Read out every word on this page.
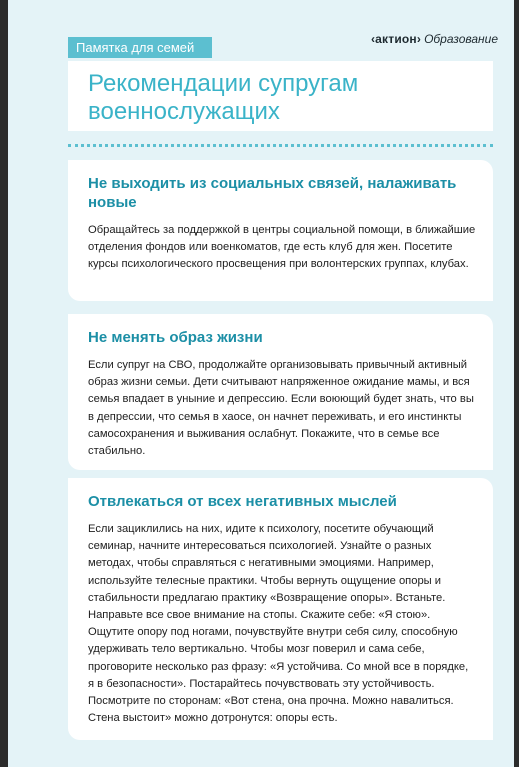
Памятка для семей
‹актион› Образование
Рекомендации супругам военнослужащих
Не выходить из социальных связей, налаживать новые

Обращайтесь за поддержкой в центры социальной помощи, в ближайшие отделения фондов или военкоматов, где есть клуб для жен. Посетите курсы психологического просвещения при волонтерских группах, клубах.

Не менять образ жизни

Если супруг на СВО, продолжайте организовывать привычный активный образ жизни семьи. Дети считывают напряженное ожидание мамы, и вся семья впадает в уныние и депрессию. Если воюющий будет знать, что вы в депрессии, что семья в хаосе, он начнет переживать, и его инстинкты самосохранения и выживания ослабнут. Покажите, что в семье все стабильно.

Отвлекаться от всех негативных мыслей

Если зациклились на них, идите к психологу, посетите обучающий семинар, начните интересоваться психологией. Узнайте о разных методах, чтобы справляться с негативными эмоциями. Например, используйте телесные практики. Чтобы вернуть ощущение опоры и стабильности предлагаю практику «Возвращение опоры». Встаньте. Направьте все свое внимание на стопы. Скажите себе: «Я стою». Ощутите опору под ногами, почувствуйте внутри себя силу, способную удерживать тело вертикально. Чтобы мозг поверил и сама себе, проговорите несколько раз фразу: «Я устойчива. Со мной все в порядке, я в безопасности». Постарайтесь почувствовать эту устойчивость. Посмотрите по сторонам: «Вот стена, она прочна. Можно навалиться. Стена выстоит» можно дотронутся: опоры есть.
